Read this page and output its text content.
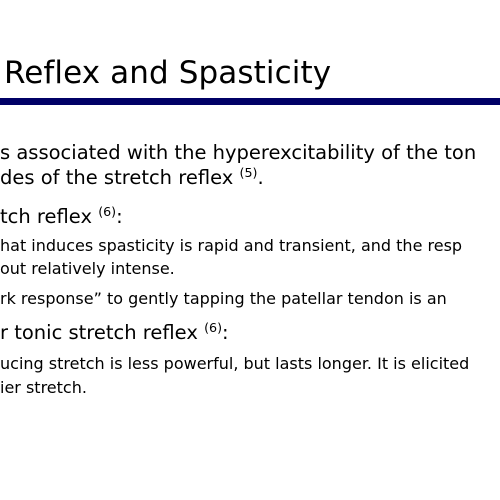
Reflex and Spasticity
s associated with the hyperexcitability of the ton
des of the stretch reflex $^{(5)}$.
tch reflex $^{(6)}$:
hat induces spasticity is rapid and transient, and the resp
out relatively intense.
rk response” to gently tapping the patellar tendon is an
r tonic stretch reflex $^{(6)}$:
ucing stretch is less powerful, but lasts longer. It is elicited
ier stretch.
